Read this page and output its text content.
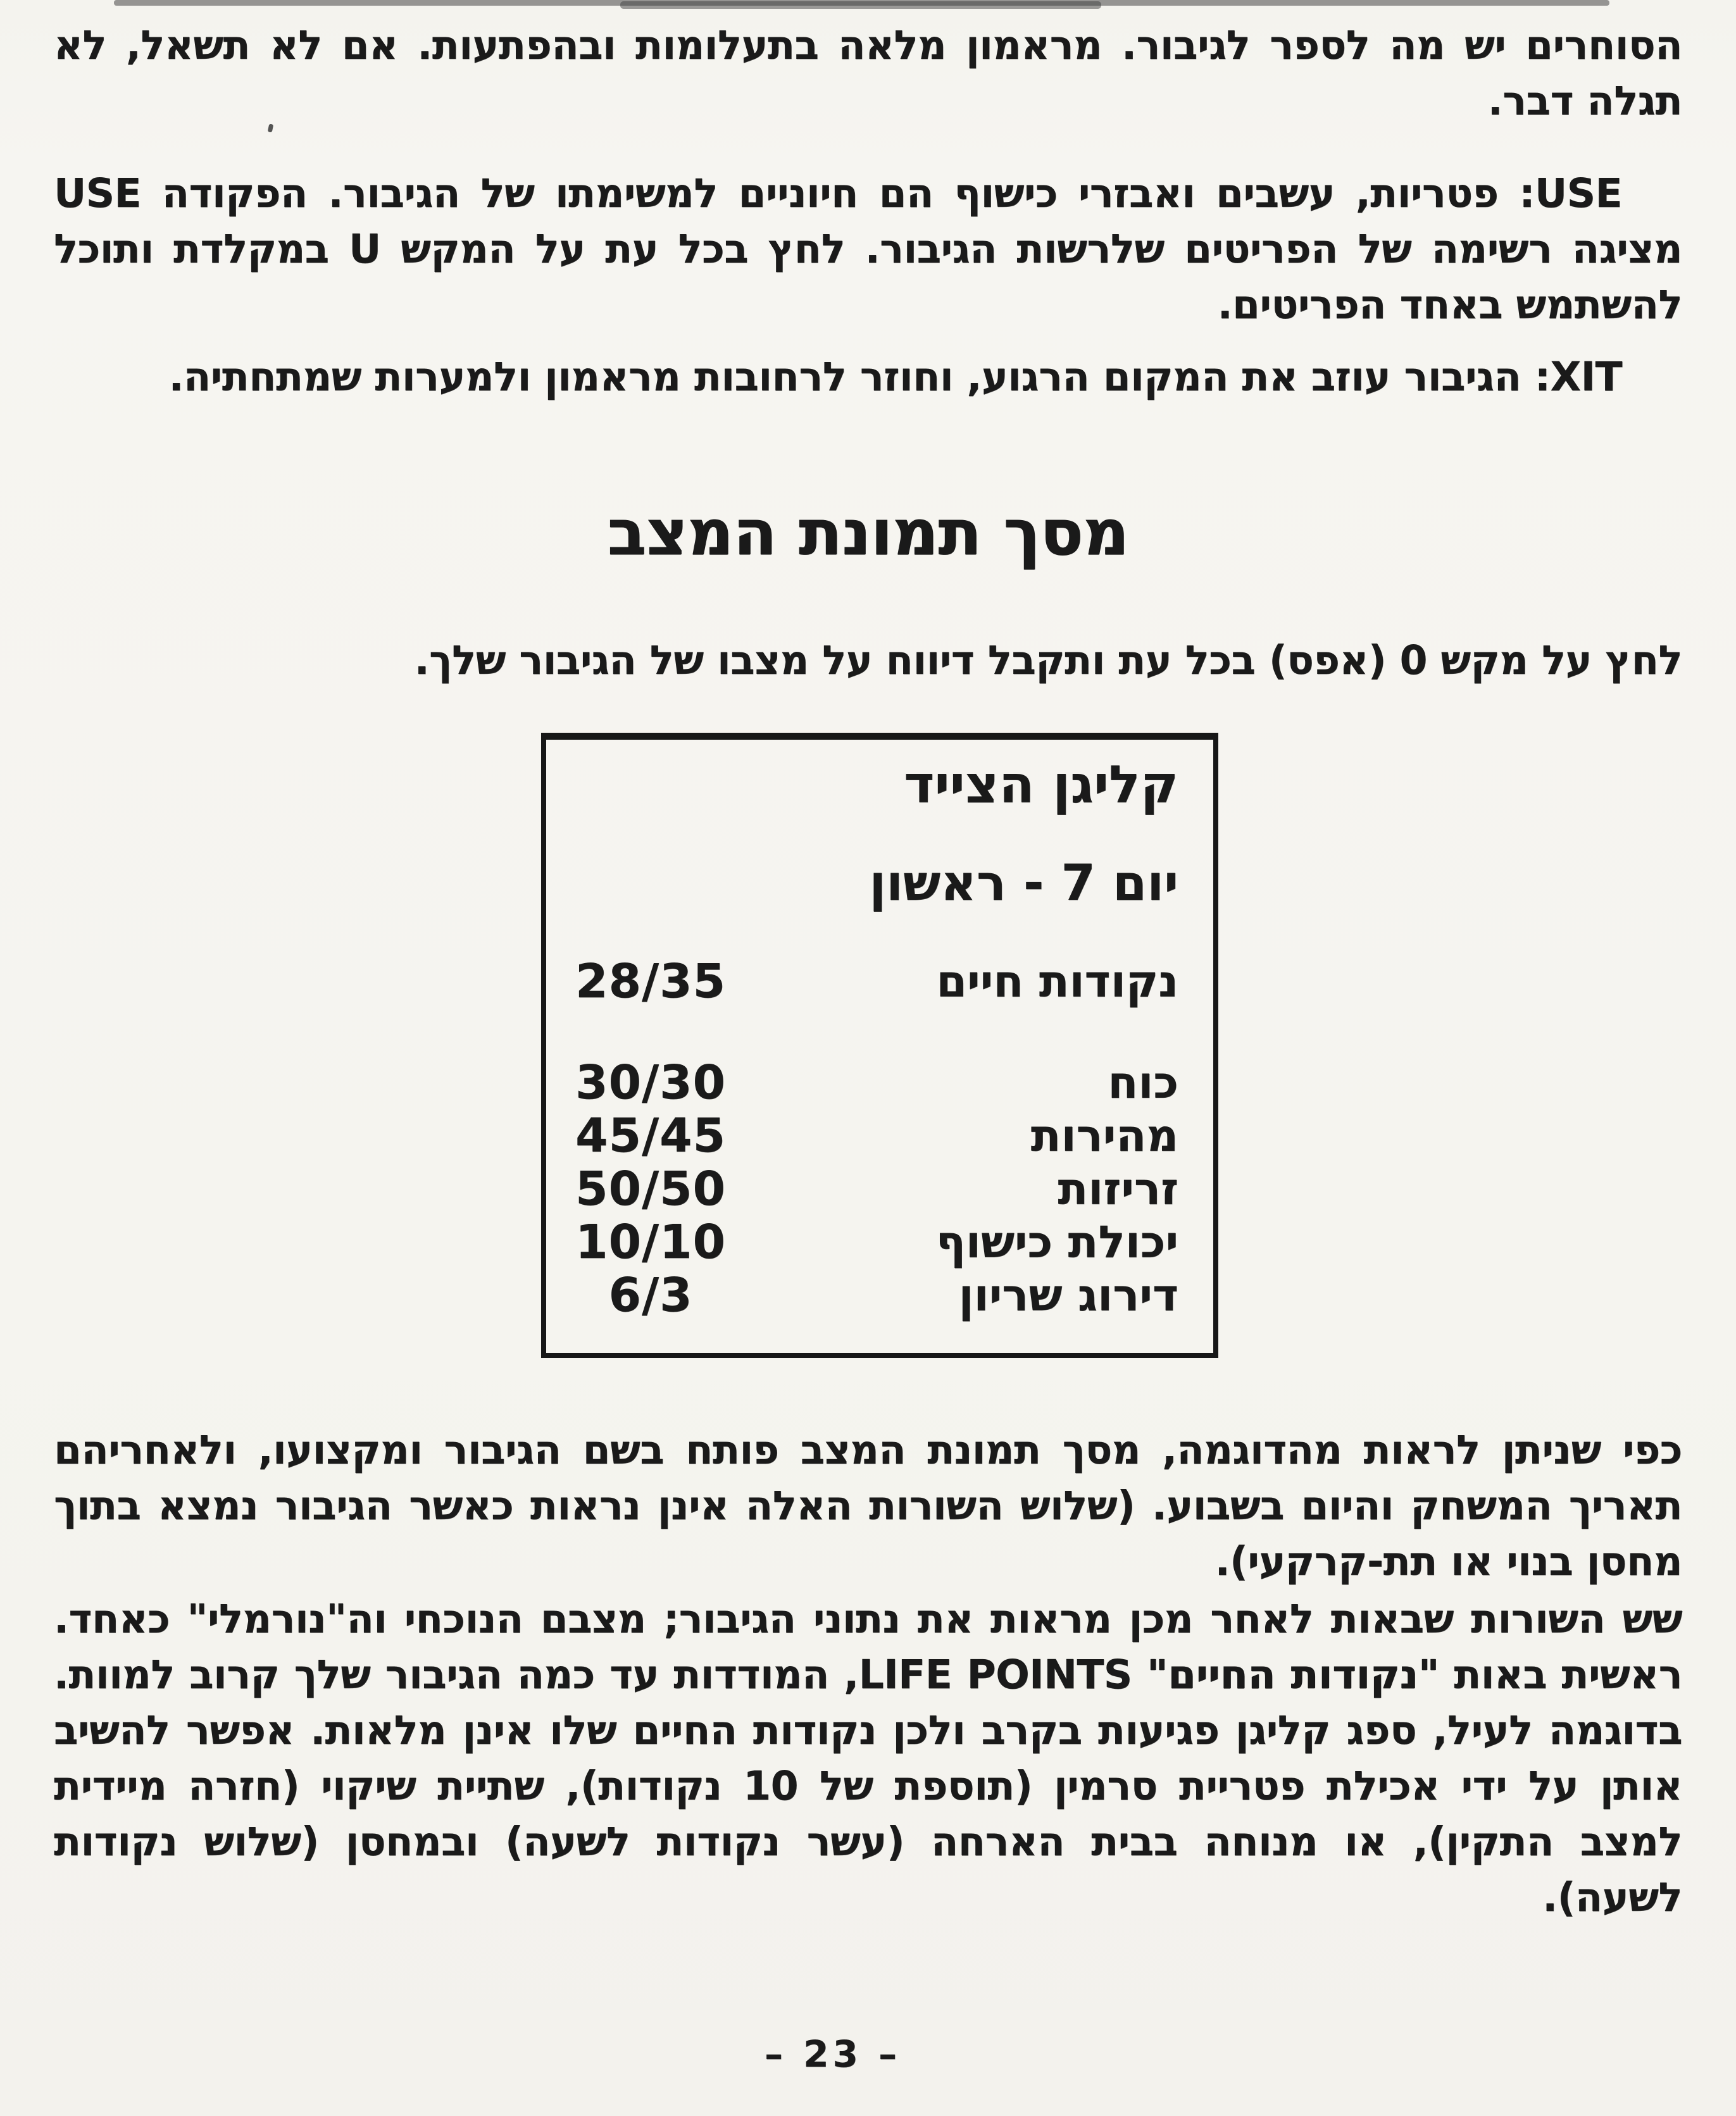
הסוחרים יש מה לספר לגיבור. מראמון מלאה בתעלומות ובהפתעות. אם לא תשאל, לא תגלה דבר.

USE: פטריות, עשבים ואבזרי כישוף הם חיוניים למשימתו של הגיבור. הפקודה USE מציגה רשימה של הפריטים שלרשות הגיבור. לחץ בכל עת על המקש U במקלדת ותוכל להשתמש באחד הפריטים.

XIT: הגיבור עוזב את המקום הרגוע, וחוזר לרחובות מראמון ולמערות שמתחתיה.

מסך תמונת המצב

לחץ על מקש 0 (אפס) בכל עת ותקבל דיווח על מצבו של הגיבור שלך.

קליגן הצייד
יום 7 - ראשון
נקודות חיים
28/35
כוח
30/30
מהירות
45/45
זריזות
50/50
יכולת כישוף
10/10
דירוג שריון
6/3

כפי שניתן לראות מהדוגמה, מסך תמונת המצב פותח בשם הגיבור ומקצועו, ולאחריהם תאריך המשחק והיום בשבוע. (שלוש השורות האלה אינן נראות כאשר הגיבור נמצא בתוך מחסן בנוי או תת-קרקעי).

שש השורות שבאות לאחר מכן מראות את נתוני הגיבור; מצבם הנוכחי וה"נורמלי" כאחד. ראשית באות "נקודות החיים" LIFE POINTS, המודדות עד כמה הגיבור שלך קרוב למוות. בדוגמה לעיל, ספג קליגן פגיעות בקרב ולכן נקודות החיים שלו אינן מלאות. אפשר להשיב אותן על ידי אכילת פטריית סרמין (תוספת של 10 נקודות), שתיית שיקוי (חזרה מיידית למצב התקין), או מנוחה בבית הארחה (עשר נקודות לשעה) ובמחסן (שלוש נקודות לשעה).

– 23 –
